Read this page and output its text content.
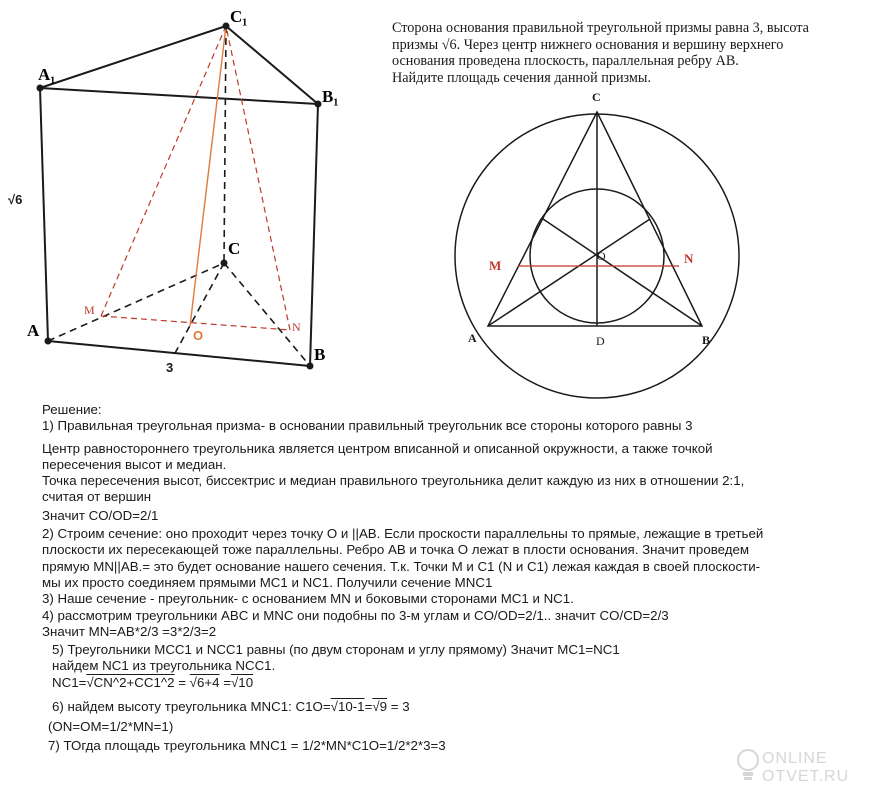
A₁
C₁
B₁
A
B
C
M
N
O
√6
3
C
A	B
D
O
M	N
Сторона основания правильной треугольной призмы равна 3, высота
призмы √6. Через центр нижнего основания и вершину верхнего
основания проведена плоскость, параллельная ребру AB.
Найдите площадь сечения данной призмы.
Решение:
1) Правильная треугольная призма- в основании правильный треугольник все стороны которого равны 3
Центр равностороннего треугольника является центром вписанной и описанной окружности, а также точкой
пересечения высот и медиан.
Точка пересечения высот, биссектрис и медиан правильного треугольника делит каждую из них в отношении 2:1,
считая от вершин
Значит CO/OD=2/1
2) Строим сечение: оно проходит через точку O и ||AB. Если проскости параллельны то прямые, лежащие в третьей
плоскости их пересекающей тоже параллельны. Ребро AB и точка O лежат в плости основания. Значит проведем
прямую MN||AB.= это будет основание нашего сечения. Т.к. Точки M и C1 (N и C1) лежая каждая в своей плоскости-
мы их просто соединяем прямыми MC1 и NC1. Получили сечение MNC1
3) Наше сечение - преугольник- с основанием MN и боковыми сторонами MC1 и NC1.
4) рассмотрим треугольники ABC и MNC они подобны по 3-м углам и CO/OD=2/1.. значит CO/CD=2/3
Значит MN=AB*2/3 =3*2/3=2
5) Треугольники MCC1 и NCC1 равны (по двум сторонам и углу прямому) Значит MC1=NC1
найдем NC1 из треугольника NCC1.
NC1=√CN^2+CC1^2 = √6+4 =√10
6) найдем высоту треугольника MNC1: C1O=√10-1=√9 = 3
(ON=OM=1/2*MN=1)
7) ТОгда площадь треугольника MNC1 = 1/2*MN*C1O=1/2*2*3=3
ONLINE
OTVET.RU
